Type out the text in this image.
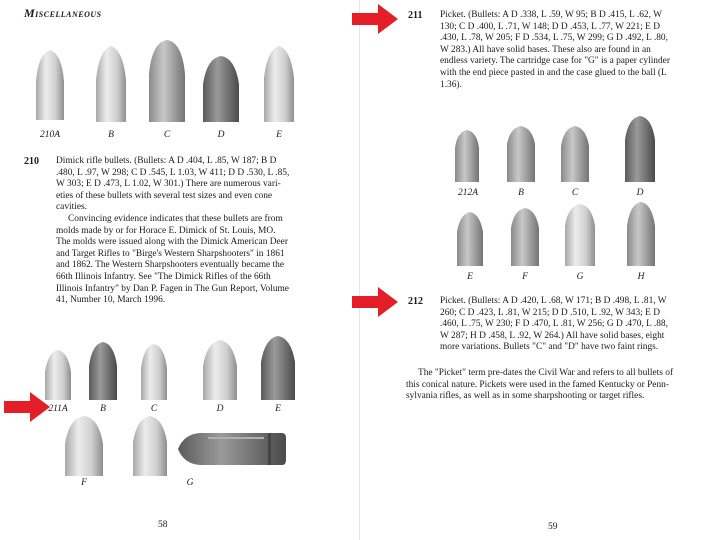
Miscellaneous
210A	B	C	D	E
210 Dimick rifle bullets. (Bullets: A D .404, L .85, W 187; B D
.480, L .97, W 298; C D .545, L 1.03, W 411; D D .530, L .85,
W 303; E D .473, L 1.02, W 301.) There are numerous vari-
eties of these bullets with several test sizes and even cone
cavities.
Convincing evidence indicates that these bullets are from
molds made by or for Horace E. Dimick of St. Louis, MO.
The molds were issued along with the Dimick American Deer
and Target Rifles to "Birge's Western Sharpshooters" in 1861
and 1862. The Western Sharpshooters eventually became the
66th Illinois Infantry. See "The Dimick Rifles of the 66th
Illinois Infantry" by Dan P. Fagen in The Gun Report, Volume
41, Number 10, March 1996.
211A	B	C	D	E
F	G
58
211 Picket. (Bullets: A D .338, L .59, W 95; B D .415, L .62, W
130; C D .400, L .71, W 148; D D .453, L .77, W 221; E D
.430, L .78, W 205; F D .534, L .75, W 299; G D .492, L .80,
W 283.) All have solid bases. These also are found in an
endless variety. The cartridge case for "G" is a paper cylinder
with the end piece pasted in and the case glued to the ball (L
1.36).
212A	B	C	D
E	F	G	H
212 Picket. (Bullets: A D .420, L .68, W 171; B D .498, L .81, W
260; C D .423, L .81, W 215; D D .510, L .92, W 343; E D
.460, L .75, W 230; F D .470, L .81, W 256; G D .470, L .88,
W 287; H D .458, L .92, W 264.) All have solid bases, eight
more variations. Bullets "C" and "D" have two faint rings.
The "Picket" term pre-dates the Civil War and refers to all bullets of
this conical nature. Pickets were used in the famed Kentucky or Penn-
sylvania rifles, as well as in some sharpshooting or target rifles.
59
